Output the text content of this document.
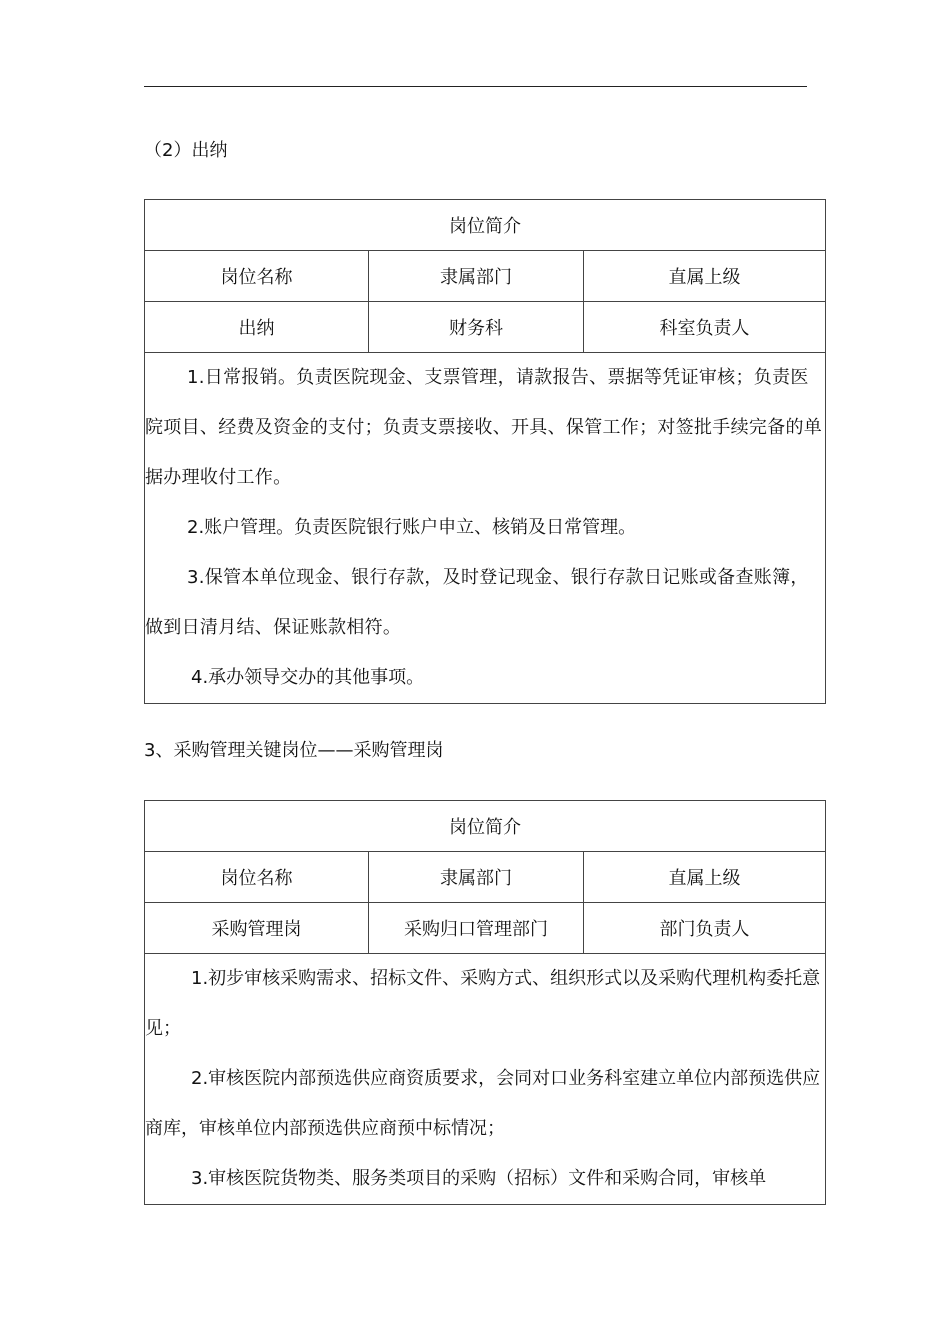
（2）出纳
岗位简介		
岗位名称	隶属部门	直属上级
出纳	财务科	科室负责人

1.日常报销。负责医院现金、支票管理，请款报告、票据等凭证审核；负责医院项目、经费及资金的支付；负责支票接收、开具、保管工作；对签批手续完备的单据办理收付工作。

2.账户管理。负责医院银行账户申立、核销及日常管理。

3.保管本单位现金、银行存款，及时登记现金、银行存款日记账或备查账簿，做到日清月结、保证账款相符。

4.承办领导交办的其他事项。		

3、采购管理关键岗位——采购管理岗
岗位简介		
岗位名称	隶属部门	直属上级
采购管理岗	采购归口管理部门	部门负责人

1.初步审核采购需求、招标文件、采购方式、组织形式以及采购代理机构委托意见；

2.审核医院内部预选供应商资质要求，会同对口业务科室建立单位内部预选供应商库，审核单位内部预选供应商预中标情况；

3.审核医院货物类、服务类项目的采购（招标）文件和采购合同，审核单		
